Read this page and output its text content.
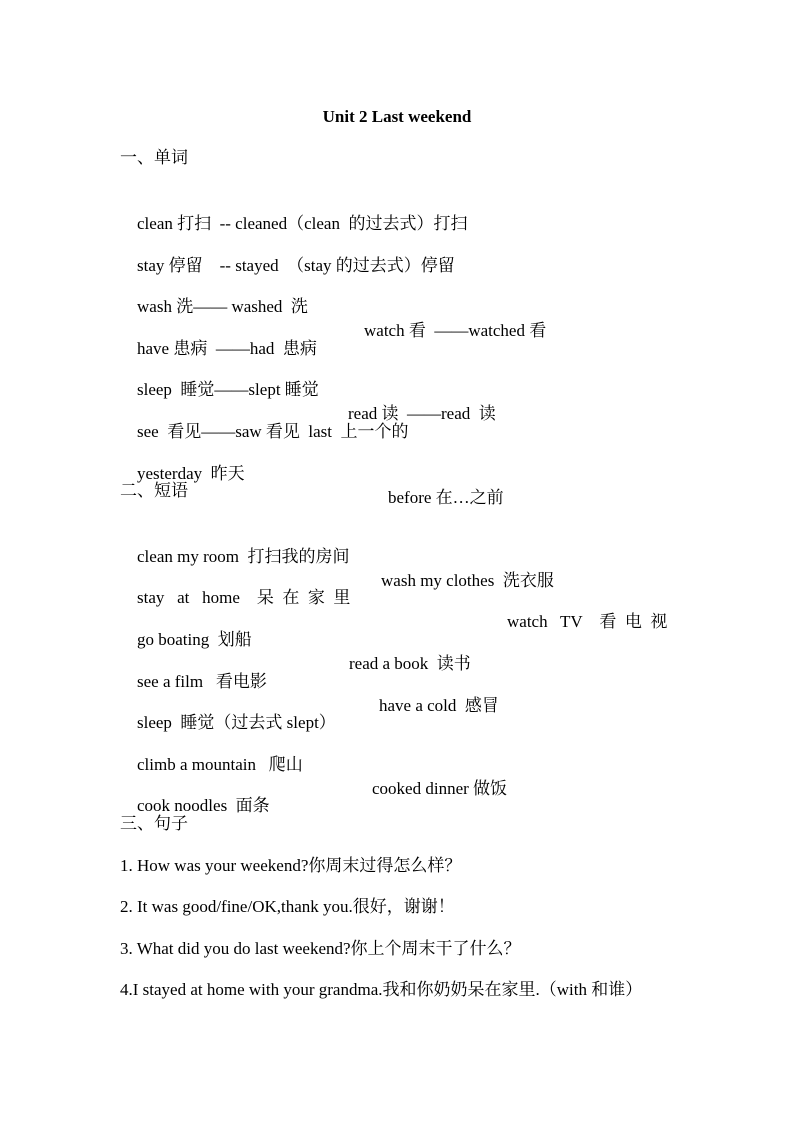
Unit 2 Last weekend
一、单词

clean 打扫  -- cleaned（clean  的过去式）打扫

stay 停留    -- stayed  （stay 的过去式）停留

wash 洗—— washed  洗

watch 看  ——watched 看

have 患病  ——had  患病

sleep  睡觉——slept 睡觉

read 读  ——read  读

see  看见——saw 看见  last  上一个的

yesterday  昨天

before 在…之前

二、短语

clean my room  打扫我的房间

wash my clothes  洗衣服

stay   at   home    呆  在  家  里

watch   TV    看  电  视

go boating  划船

read a book  读书

see a film   看电影

have a cold  感冒

sleep  睡觉（过去式 slept）

climb a mountain   爬山

cooked dinner 做饭

cook noodles  面条

三、句子
1. How was your weekend?你周末过得怎么样？
2. It was good/fine/OK,thank you.很好，谢谢！
3. What did you do last weekend?你上个周末干了什么？
4.I stayed at home with your grandma.我和你奶奶呆在家里.（with 和谁）
